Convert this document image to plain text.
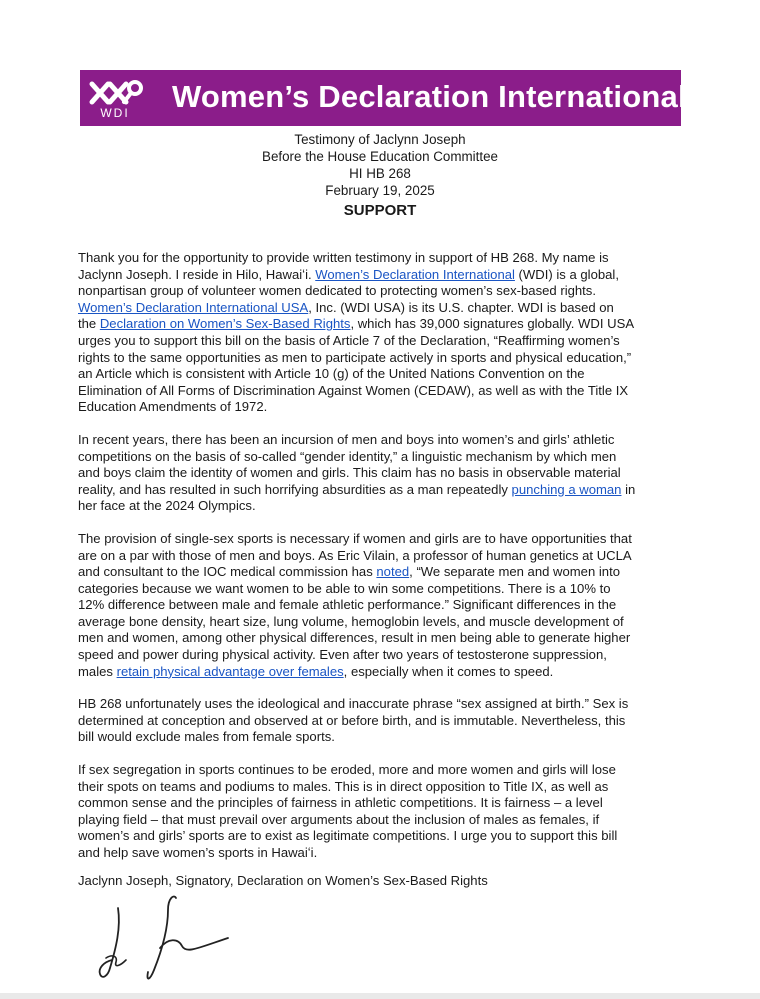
WDI	Women’s Declaration International
Testimony of Jaclynn Joseph
Before the House Education Committee
HI HB 268
February 19, 2025
SUPPORT
Thank you for the opportunity to provide written testimony in support of HB 268. My name is
Jaclynn Joseph. I reside in Hilo, Hawaiʻi. Women’s Declaration International (WDI) is a global,
nonpartisan group of volunteer women dedicated to protecting women’s sex-based rights.
Women’s Declaration International USA, Inc. (WDI USA) is its U.S. chapter. WDI is based on
the Declaration on Women’s Sex-Based Rights, which has 39,000 signatures globally. WDI USA
urges you to support this bill on the basis of Article 7 of the Declaration, “Reaffirming women’s
rights to the same opportunities as men to participate actively in sports and physical education,”
an Article which is consistent with Article 10 (g) of the United Nations Convention on the
Elimination of All Forms of Discrimination Against Women (CEDAW), as well as with the Title IX
Education Amendments of 1972.
In recent years, there has been an incursion of men and boys into women’s and girls’ athletic
competitions on the basis of so-called “gender identity,” a linguistic mechanism by which men
and boys claim the identity of women and girls. This claim has no basis in observable material
reality, and has resulted in such horrifying absurdities as a man repeatedly punching a woman in
her face at the 2024 Olympics.
The provision of single-sex sports is necessary if women and girls are to have opportunities that
are on a par with those of men and boys. As Eric Vilain, a professor of human genetics at UCLA
and consultant to the IOC medical commission has noted, “We separate men and women into
categories because we want women to be able to win some competitions. There is a 10% to
12% difference between male and female athletic performance.” Significant differences in the
average bone density, heart size, lung volume, hemoglobin levels, and muscle development of
men and women, among other physical differences, result in men being able to generate higher
speed and power during physical activity. Even after two years of testosterone suppression,
males retain physical advantage over females, especially when it comes to speed.
HB 268 unfortunately uses the ideological and inaccurate phrase “sex assigned at birth.” Sex is
determined at conception and observed at or before birth, and is immutable. Nevertheless, this
bill would exclude males from female sports.
If sex segregation in sports continues to be eroded, more and more women and girls will lose
their spots on teams and podiums to males. This is in direct opposition to Title IX, as well as
common sense and the principles of fairness in athletic competitions. It is fairness – a level
playing field – that must prevail over arguments about the inclusion of males as females, if
women’s and girls’ sports are to exist as legitimate competitions. I urge you to support this bill
and help save women’s sports in Hawaiʻi.
Jaclynn Joseph, Signatory, Declaration on Women’s Sex-Based Rights
